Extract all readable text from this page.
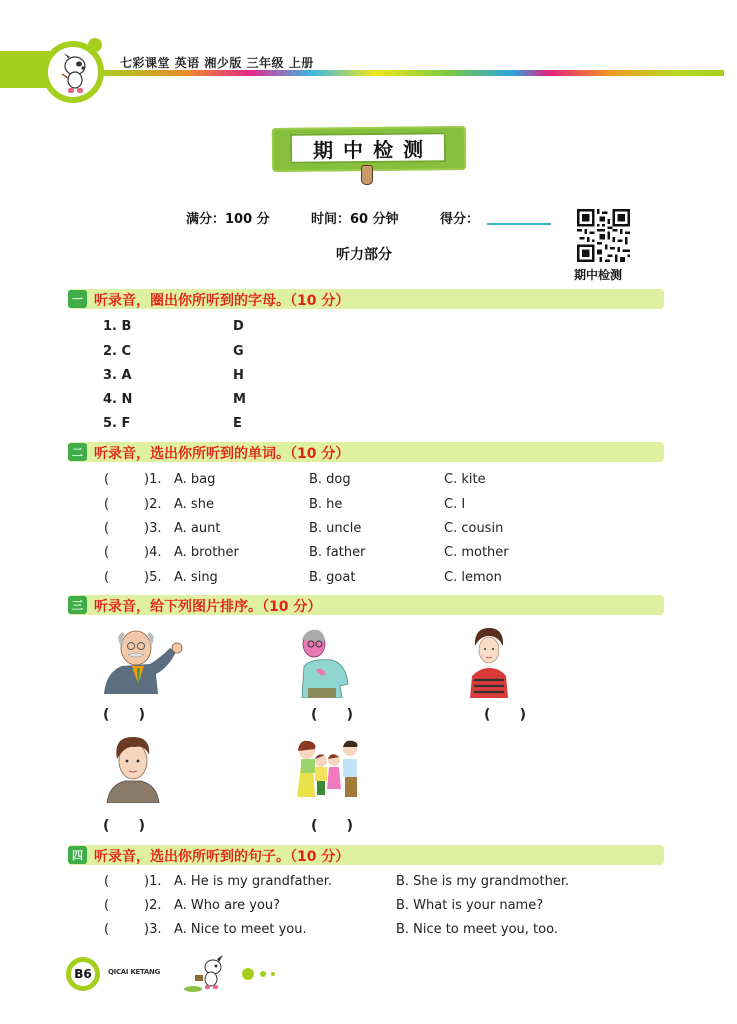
七彩课堂 英语 湘少版 三年级 上册
期中检测
满分：100 分	时间：60 分钟	得分：
听力部分
期中检测
一 听录音，圈出你所听到的字母。（10 分）
1. B	D
2. C	G
3. A	H
4. N	M
5. F	E
二 听录音，选出你所听到的单词。（10 分）
(	)1. A. bag	B. dog	C. kite
(	)2. A. she	B. he	C. I
(	)3. A. aunt	B. uncle	C. cousin
(	)4. A. brother	B. father	C. mother
(	)5. A. sing	B. goat	C. lemon
三 听录音，给下列图片排序。（10 分）
(      )	(      )	(      )
(      )	(      )
四 听录音，选出你所听到的句子。（10 分）
(	)1. A. He is my grandfather.	B. She is my grandmother.
(	)2. A. Who are you?	B. What is your name?
(	)3. A. Nice to meet you.	B. Nice to meet you, too.
B6 QICAI KETANG
